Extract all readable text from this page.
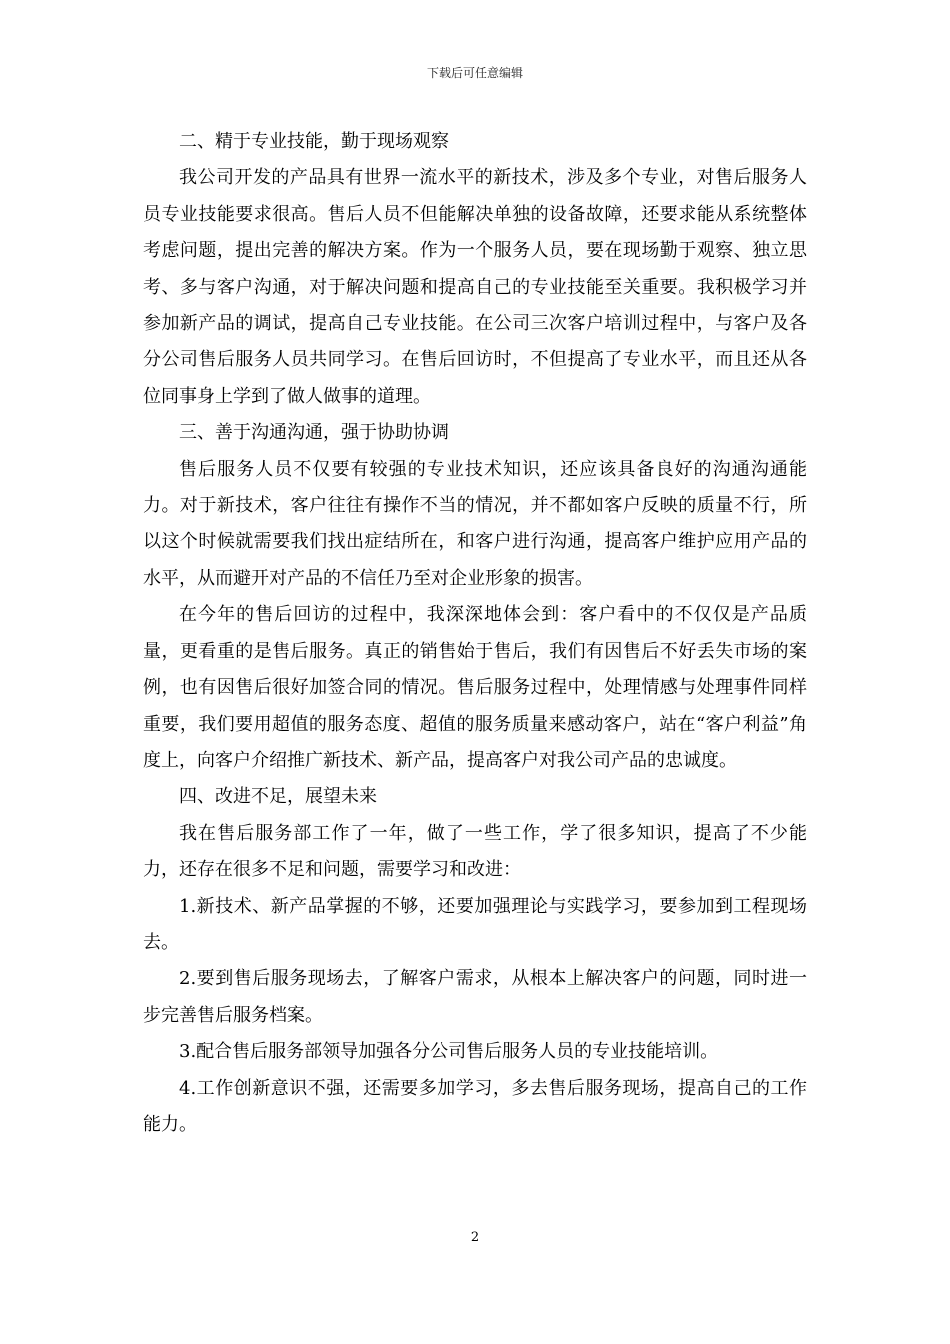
下载后可任意编辑

二、精于专业技能，勤于现场观察

我公司开发的产品具有世界一流水平的新技术，涉及多个专业，对售后服务人员专业技能要求很高。售后人员不但能解决单独的设备故障，还要求能从系统整体考虑问题，提出完善的解决方案。作为一个服务人员，要在现场勤于观察、独立思考、多与客户沟通，对于解决问题和提高自己的专业技能至关重要。我积极学习并参加新产品的调试，提高自己专业技能。在公司三次客户培训过程中，与客户及各分公司售后服务人员共同学习。在售后回访时，不但提高了专业水平，而且还从各位同事身上学到了做人做事的道理。

三、善于沟通沟通，强于协助协调

售后服务人员不仅要有较强的专业技术知识，还应该具备良好的沟通沟通能力。对于新技术，客户往往有操作不当的情况，并不都如客户反映的质量不行，所以这个时候就需要我们找出症结所在，和客户进行沟通，提高客户维护应用产品的水平，从而避开对产品的不信任乃至对企业形象的损害。

在今年的售后回访的过程中，我深深地体会到：客户看中的不仅仅是产品质量，更看重的是售后服务。真正的销售始于售后，我们有因售后不好丢失市场的案例，也有因售后很好加签合同的情况。售后服务过程中，处理情感与处理事件同样重要，我们要用超值的服务态度、超值的服务质量来感动客户，站在“客户利益”角度上，向客户介绍推广新技术、新产品，提高客户对我公司产品的忠诚度。

四、改进不足，展望未来

我在售后服务部工作了一年，做了一些工作，学了很多知识，提高了不少能力，还存在很多不足和问题，需要学习和改进：

1.新技术、新产品掌握的不够，还要加强理论与实践学习，要参加到工程现场去。

2.要到售后服务现场去，了解客户需求，从根本上解决客户的问题，同时进一步完善售后服务档案。

3.配合售后服务部领导加强各分公司售后服务人员的专业技能培训。

4.工作创新意识不强，还需要多加学习，多去售后服务现场，提高自己的工作能力。

2
